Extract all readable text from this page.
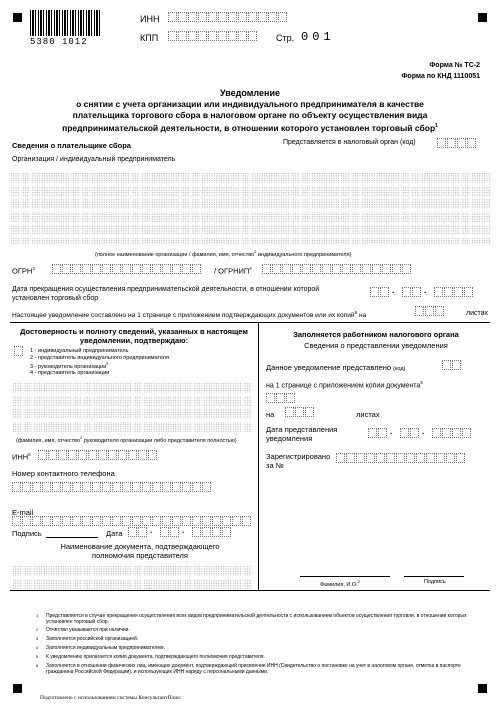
5380 1012
ИНН
КПП	Стр. 001
Форма № ТС-2
Форма по КНД 1110051
Уведомление
о снятии с учета организации или индивидуального предпринимателя в качестве плательщика торгового сбора в налоговом органе по объекту осуществления вида предпринимательской деятельности, в отношении которого установлен торговый сбор$^1$
Сведения о плательщике сбора	Представляется в налоговый орган (код)
Организация / индивидуальный предприниматель
(полное наименование организации / фамилия, имя, отчество$^2$ индивидуального предпринимателя)
ОГРН$^3$	/ ОГРНИП$^4$
Дата прекращения осуществления предпринимательской деятельности, в отношении которой установлен торговый сбор
.	.
Настоящее уведомление составлено на 1 странице с приложением подтверждающих документов или их копий$^5$ на	листах
Достоверность и полноту сведений, указанных в настоящем уведомлении, подтверждаю:
1 - индивидуальный предприниматель
2 - представитель индивидуального предпринимателя
3 - руководитель организации$^5$
4 - представитель организации
(фамилия, имя, отчество$^2$ руководителя организации либо представителя полностью)
ИНН$^6$
Номер контактного телефона
E-mail
Подпись	Дата	.	.
Наименование документа, подтверждающего полномочия представителя
Заполняется работником налогового органа
Сведения о представлении уведомления
Данное уведомление представлено (код)
на 1 странице с приложением копии документа$^5$
на	листах
Дата представления уведомления
.	.
Зарегистрировано за №
Фамилия, И.О.$^2$	Подпись
1	Представляется в случае прекращения осуществления всех видов предпринимательской деятельности с использованием объектов осуществления торговли, в отношении которых установлен торговый сбор.
2	Отчество указывается при наличии.
3	Заполняется российской организацией.
4	Заполняется индивидуальным предпринимателем.
5	К уведомлению прилагается копия документа, подтверждающего полномочия представителя.
6	Заполняется в отношении физических лиц, имеющих документ, подтверждающий присвоение ИНН (Свидетельство о постановке на учет в налоговом органе, отметка в паспорте гражданина Российской Федерации), и использующих ИНН наряду с персональными данными.
Подготовлено с использованием системы КонсультантПлюс
